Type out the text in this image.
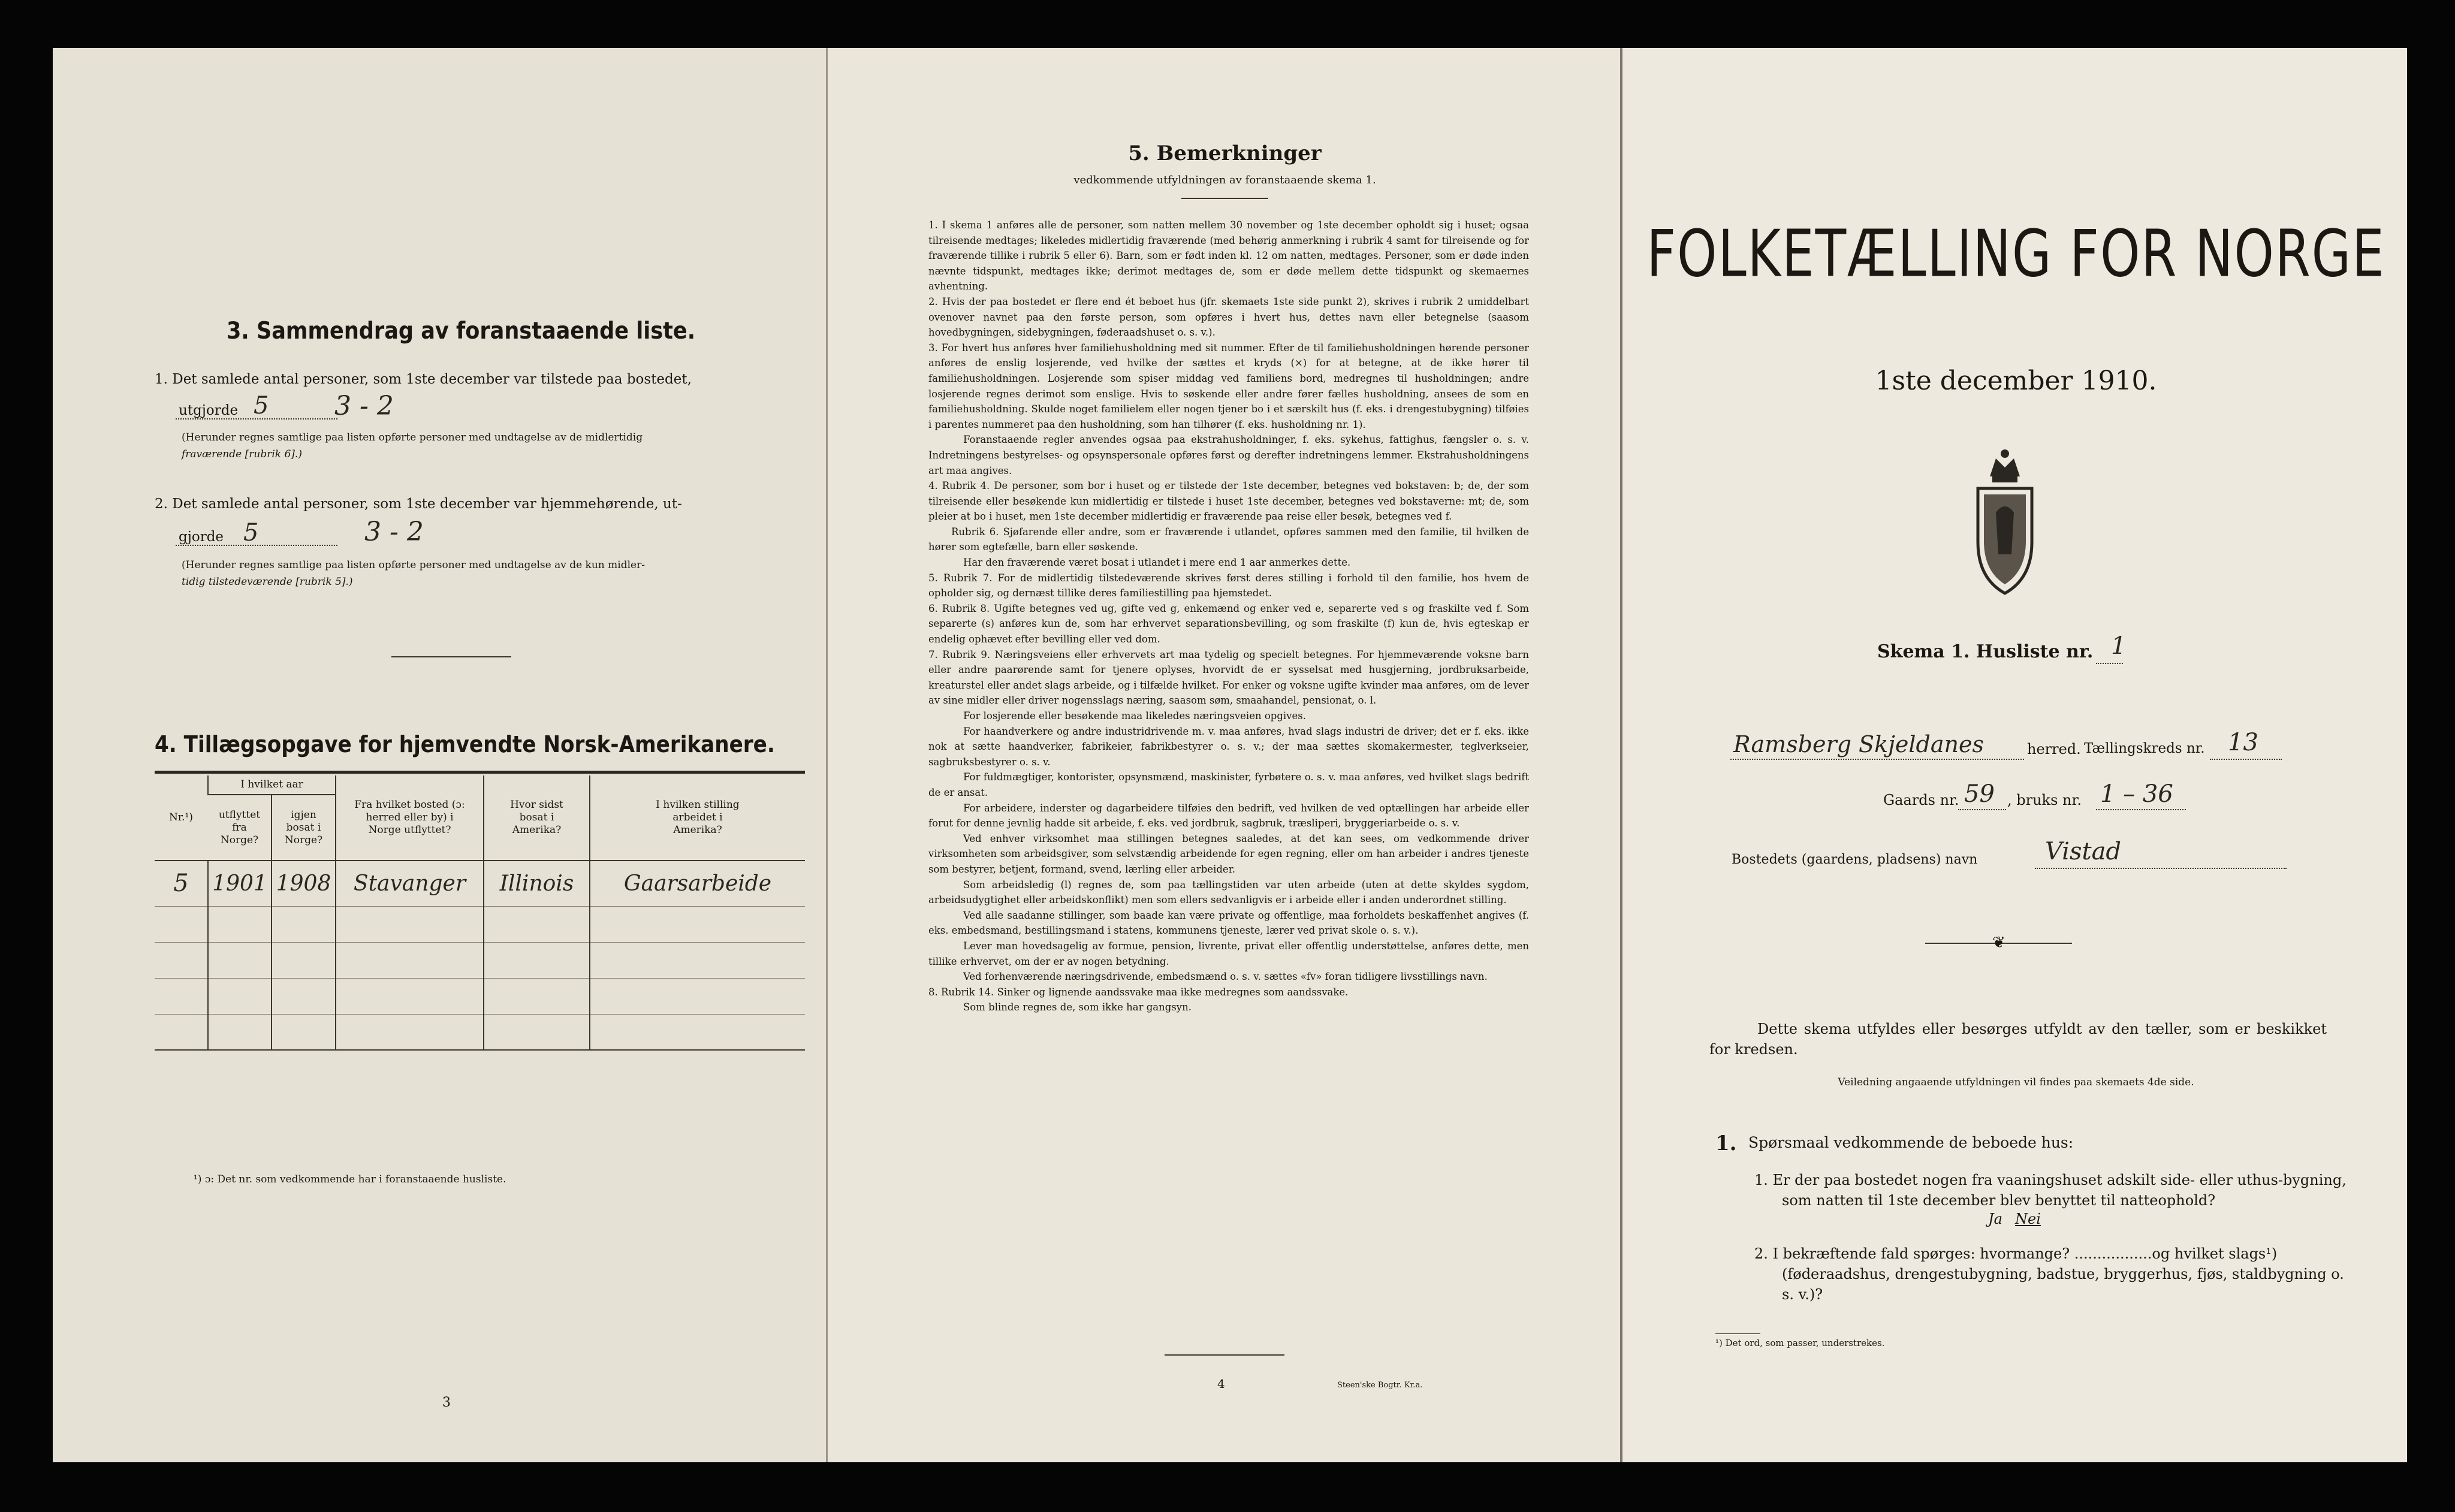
3. Sammendrag av foranstaaende liste.
1. Det samlede antal personer, som 1ste december var tilstede paa bostedet,
utgjorde 5 3 - 2
(Herunder regnes samtlige paa listen opførte personer med undtagelse av de midlertidig
fraværende [rubrik 6].)
2. Det samlede antal personer, som 1ste december var hjemmehørende, ut-
gjorde 5	3 - 2
(Herunder regnes samtlige paa listen opførte personer med undtagelse av de kun midler-
tidig tilstedeværende [rubrik 5].)
4. Tillægsopgave for hjemvendte Norsk-Amerikanere.
Nr.¹)	I hvilket aar		Fra hvilket bosted (ɔ: herred eller by) i Norge utflyttet?	Hvor sidst bosat i Amerika?	I hvilken stilling arbeidet i Amerika?

	utflyttet fra Norge?	igjen bosat i Norge?			

5	1901	1908	Stavanger	Illinois	Gaarsarbeide

¹) ɔ: Det nr. som vedkommende har i foranstaaende husliste.
3
5. Bemerkninger
vedkommende utfyldningen av foranstaaende skema 1.

1. I skema 1 anføres alle de personer, som natten mellem 30 november og 1ste december opholdt sig i huset; ogsaa tilreisende medtages; likeledes midlertidig fraværende (med behørig anmerkning i rubrik 4 samt for tilreisende og for fraværende tillike i rubrik 5 eller 6). Barn, som er født inden kl. 12 om natten, medtages. Personer, som er døde inden nævnte tidspunkt, medtages ikke; derimot medtages de, som er døde mellem dette tidspunkt og skemaernes avhentning.

2. Hvis der paa bostedet er flere end ét beboet hus (jfr. skemaets 1ste side punkt 2), skrives i rubrik 2 umiddelbart ovenover navnet paa den første person, som opføres i hvert hus, dettes navn eller betegnelse (saasom hovedbygningen, sidebygningen, føderaadshuset o. s. v.).

3. For hvert hus anføres hver familiehusholdning med sit nummer. Efter de til familiehusholdningen hørende personer anføres de enslig losjerende, ved hvilke der sættes et kryds (×) for at betegne, at de ikke hører til familiehusholdningen. Losjerende som spiser middag ved familiens bord, medregnes til husholdningen; andre losjerende regnes derimot som enslige. Hvis to søskende eller andre fører fælles husholdning, ansees de som en familiehusholdning. Skulde noget familielem eller nogen tjener bo i et særskilt hus (f. eks. i drengestubygning) tilføies i parentes nummeret paa den husholdning, som han tilhører (f. eks. husholdning nr. 1).

Foranstaaende regler anvendes ogsaa paa ekstrahusholdninger, f. eks. sykehus, fattighus, fængsler o. s. v. Indretningens bestyrelses- og opsynspersonale opføres først og derefter indretningens lemmer. Ekstrahusholdningens art maa angives.

4. Rubrik 4. De personer, som bor i huset og er tilstede der 1ste december, betegnes ved bokstaven: b; de, der som tilreisende eller besøkende kun midlertidig er tilstede i huset 1ste december, betegnes ved bokstaverne: mt; de, som pleier at bo i huset, men 1ste december midlertidig er fraværende paa reise eller besøk, betegnes ved f.

Rubrik 6. Sjøfarende eller andre, som er fraværende i utlandet, opføres sammen med den familie, til hvilken de hører som egtefælle, barn eller søskende.

Har den fraværende været bosat i utlandet i mere end 1 aar anmerkes dette.

5. Rubrik 7. For de midlertidig tilstedeværende skrives først deres stilling i forhold til den familie, hos hvem de opholder sig, og dernæst tillike deres familiestilling paa hjemstedet.

6. Rubrik 8. Ugifte betegnes ved ug, gifte ved g, enkemænd og enker ved e, separerte ved s og fraskilte ved f. Som separerte (s) anføres kun de, som har erhvervet separationsbevilling, og som fraskilte (f) kun de, hvis egteskap er endelig ophævet efter bevilling eller ved dom.

7. Rubrik 9. Næringsveiens eller erhvervets art maa tydelig og specielt betegnes. For hjemmeværende voksne barn eller andre paarørende samt for tjenere oplyses, hvorvidt de er sysselsat med husgjerning, jordbruksarbeide, kreaturstel eller andet slags arbeide, og i tilfælde hvilket. For enker og voksne ugifte kvinder maa anføres, om de lever av sine midler eller driver nogensslags næring, saasom søm, smaahandel, pensionat, o. l.

For losjerende eller besøkende maa likeledes næringsveien opgives.

For haandverkere og andre industridrivende m. v. maa anføres, hvad slags industri de driver; det er f. eks. ikke nok at sætte haandverker, fabrikeier, fabrikbestyrer o. s. v.; der maa sættes skomakermester, teglverkseier, sagbruksbestyrer o. s. v.

For fuldmægtiger, kontorister, opsynsmænd, maskinister, fyrbøtere o. s. v. maa anføres, ved hvilket slags bedrift de er ansat.

For arbeidere, inderster og dagarbeidere tilføies den bedrift, ved hvilken de ved optællingen har arbeide eller forut for denne jevnlig hadde sit arbeide, f. eks. ved jordbruk, sagbruk, træsliperi, bryggeriarbeide o. s. v.

Ved enhver virksomhet maa stillingen betegnes saaledes, at det kan sees, om vedkommende driver virksomheten som arbeidsgiver, som selvstændig arbeidende for egen regning, eller om han arbeider i andres tjeneste som bestyrer, betjent, formand, svend, lærling eller arbeider.

Som arbeidsledig (l) regnes de, som paa tællingstiden var uten arbeide (uten at dette skyldes sygdom, arbeidsudygtighet eller arbeidskonflikt) men som ellers sedvanligvis er i arbeide eller i anden underordnet stilling.

Ved alle saadanne stillinger, som baade kan være private og offentlige, maa forholdets beskaffenhet angives (f. eks. embedsmand, bestillingsmand i statens, kommunens tjeneste, lærer ved privat skole o. s. v.).

Lever man hovedsagelig av formue, pension, livrente, privat eller offentlig understøttelse, anføres dette, men tillike erhvervet, om der er av nogen betydning.

Ved forhenværende næringsdrivende, embedsmænd o. s. v. sættes «fv» foran tidligere livsstillings navn.

8. Rubrik 14. Sinker og lignende aandssvake maa ikke medregnes som aandssvake.

Som blinde regnes de, som ikke har gangsyn.

4	Steen'ske Bogtr. Kr.a.
FOLKETÆLLING FOR NORGE
1ste december 1910.
Skema 1. Husliste nr. 1
Ramsberg Skjeldanes	herred. Tællingskreds nr. 13
Gaards nr. 59 , bruks nr. 1 – 36
Bostedets (gaardens, pladsens) navn	Vistad
❦
Dette skema utfyldes eller besørges utfyldt av den tæller, som er beskikket for kredsen.
Veiledning angaaende utfyldningen vil findes paa skemaets 4de side.
1. Spørsmaal vedkommende de beboede hus:
1. Er der paa bostedet nogen fra vaaningshuset adskilt side- eller uthus-bygning, som natten til 1ste december blev benyttet til natteophold?
Ja Nei
2. I bekræftende fald spørges: hvormange? .................og hvilket slags¹) (føderaadshus, drengestubygning, badstue, bryggerhus, fjøs, staldbygning o. s. v.)?
¹) Det ord, som passer, understrekes.
